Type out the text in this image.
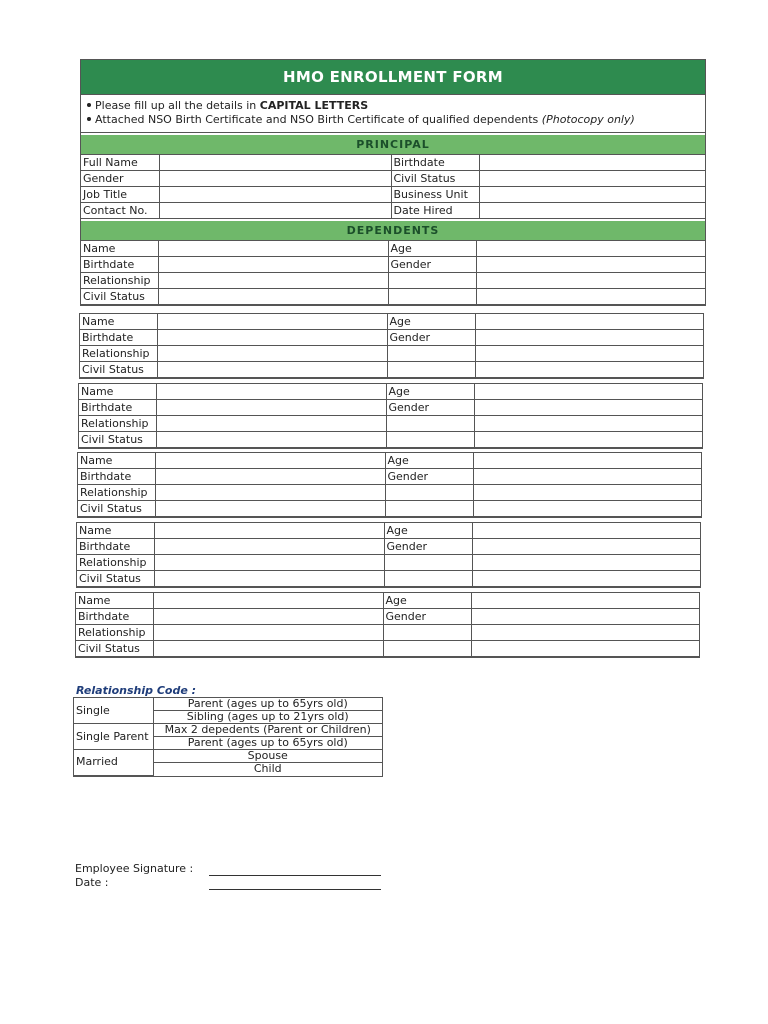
HMO ENROLLMENT FORM
Please fill up all the details in CAPITAL LETTERS
Attached NSO Birth Certificate and NSO Birth Certificate of qualified dependents (Photocopy only)
PRINCIPAL
Full Name		Birthdate	
Gender		Civil Status	
Job Title		Business Unit	
Contact No.		Date Hired	
DEPENDENTS
Name		Age	
Birthdate		Gender	
Relationship			
Civil Status			
Name		Age	
Birthdate		Gender	
Relationship			
Civil Status			
Name		Age	
Birthdate		Gender	
Relationship			
Civil Status			
Name		Age	
Birthdate		Gender	
Relationship			
Civil Status			
Name		Age	
Birthdate		Gender	
Relationship			
Civil Status			
Name		Age	
Birthdate		Gender	
Relationship			
Civil Status			
Relationship Code :
Single	Parent (ages up to 65yrs old)
	Sibling (ages up to 21yrs old)
Single Parent	Max 2 depedents (Parent or Children)
	Parent (ages up to 65yrs old)
Married	Spouse
	Child
Employee Signature :
Date :
